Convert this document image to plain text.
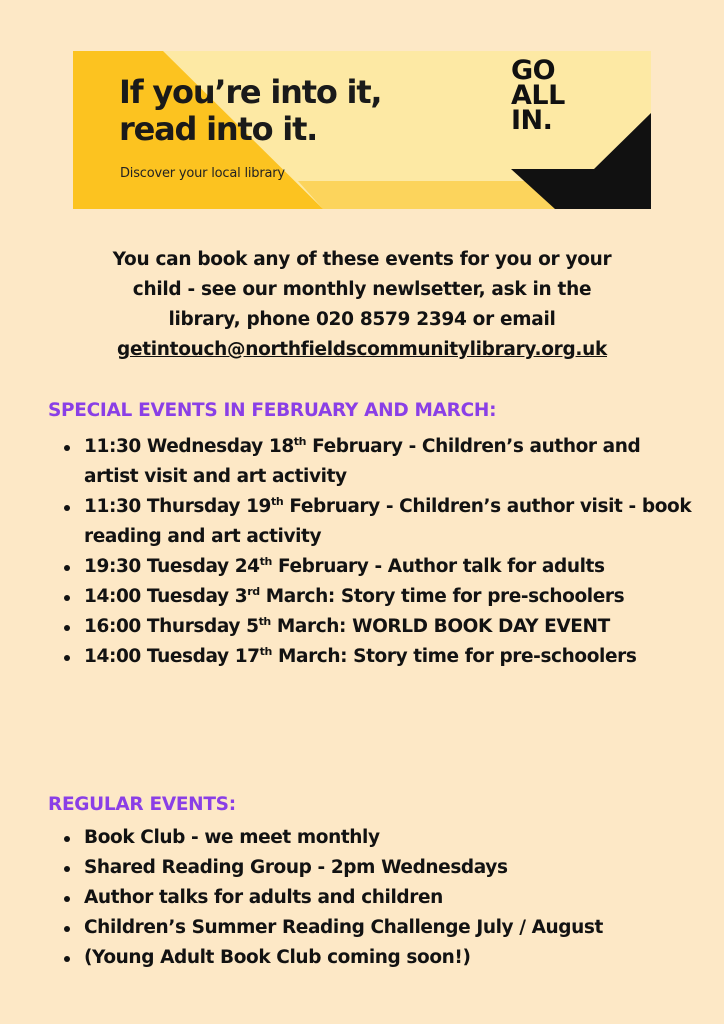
If you’re into it,
read into it.
Discover your local library
GO
ALL
IN.
You can book any of these events for you or your
child - see our monthly newlsetter, ask in the
library, phone 020 8579 2394 or email
getintouch@northfieldscommunitylibrary.org.uk
SPECIAL EVENTS IN FEBRUARY AND MARCH:
11:30 Wednesday 18th February - Children’s author and artist visit and art activity
11:30 Thursday 19th February - Children’s author visit - book reading and art activity
19:30 Tuesday 24th February - Author talk for adults
14:00 Tuesday 3rd March: Story time for pre-schoolers
16:00 Thursday 5th March: WORLD BOOK DAY EVENT
14:00 Tuesday 17th March: Story time for pre-schoolers
REGULAR EVENTS:
Book Club - we meet monthly
Shared Reading Group - 2pm Wednesdays
Author talks for adults and children
Children’s Summer Reading Challenge July / August
(Young Adult Book Club coming soon!)
